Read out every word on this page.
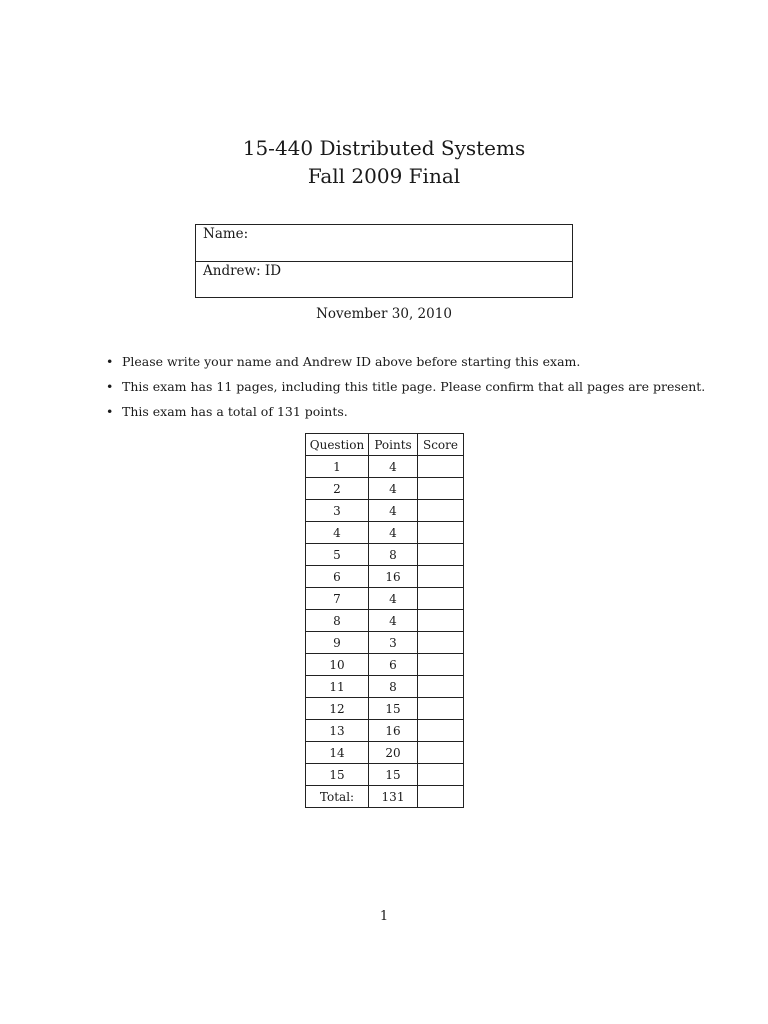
15-440 Distributed Systems
Fall 2009 Final
Name:
Andrew: ID
November 30, 2010
• Please write your name and Andrew ID above before starting this exam.
• This exam has 11 pages, including this title page. Please confirm that all pages are present.
• This exam has a total of 131 points.
Question	Points	Score
1	4	
2	4	
3	4	
4	4	
5	8	
6	16	
7	4	
8	4	
9	3	
10	6	
11	8	
12	15	
13	16	
14	20	
15	15	
Total:	131	
1
